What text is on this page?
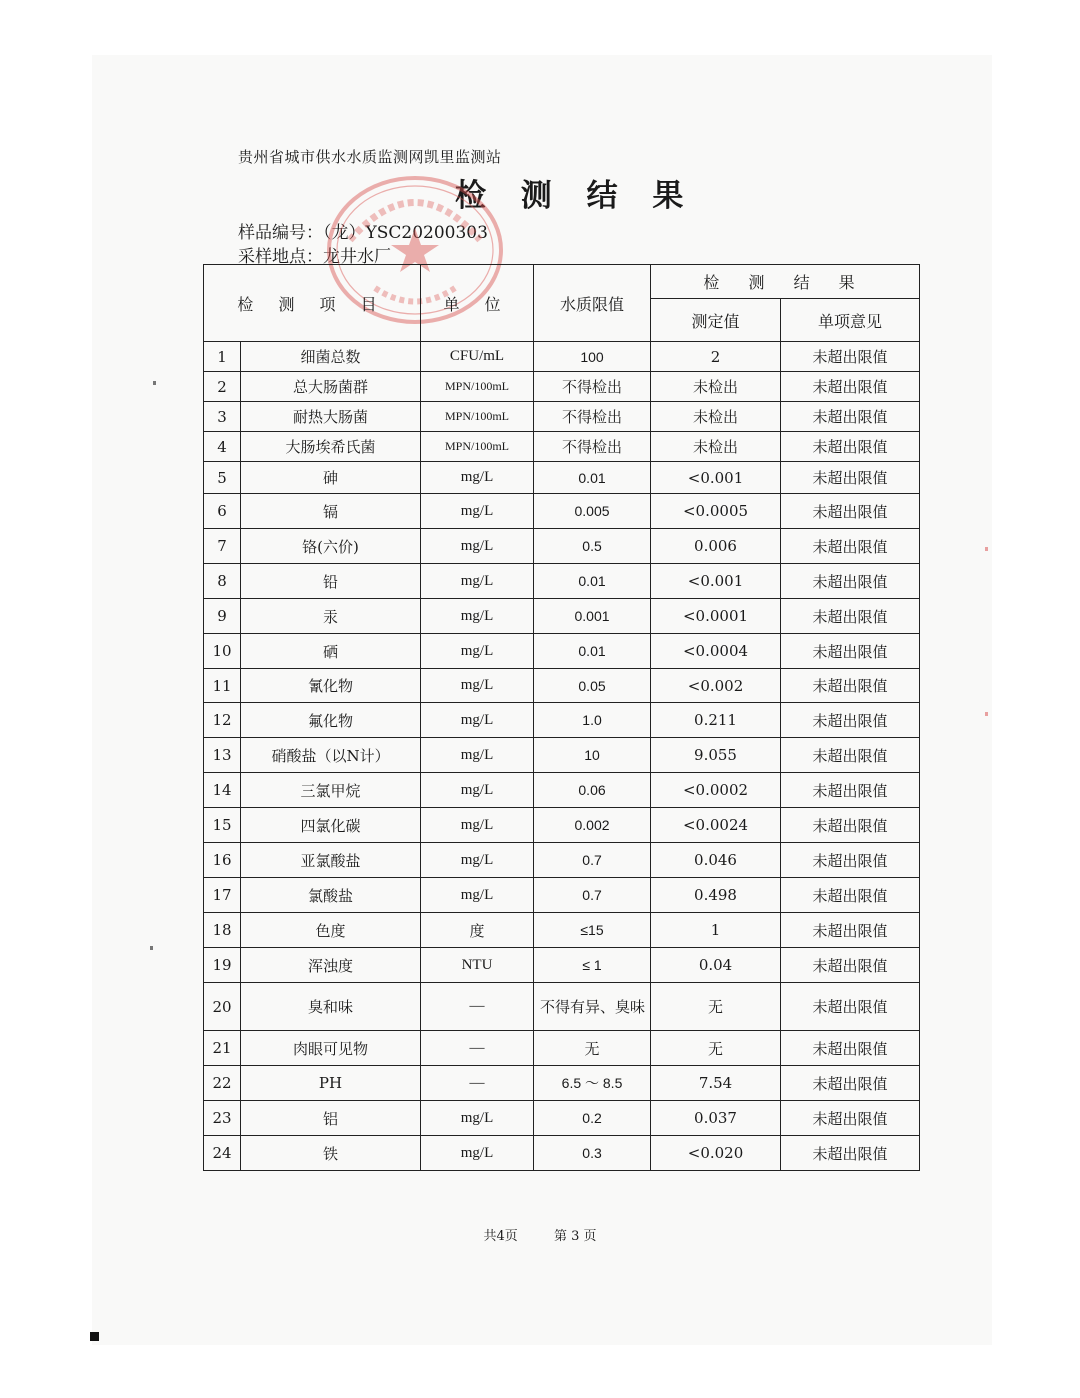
贵州省城市供水水质监测网凯里监测站
检 测 结 果
样品编号：（龙）YSC20200303
采样地点：龙井水厂
检 测 项 目		单 位	水质限值	检 测 结 果	
				测定值	单项意见
1	细菌总数	CFU/mL	100	2	未超出限值
2	总大肠菌群	MPN/100mL	不得检出	未检出	未超出限值
3	耐热大肠菌	MPN/100mL	不得检出	未检出	未超出限值
4	大肠埃希氏菌	MPN/100mL	不得检出	未检出	未超出限值
5	砷	mg/L	0.01	<0.001	未超出限值
6	镉	mg/L	0.005	<0.0005	未超出限值
7	铬(六价)	mg/L	0.5	0.006	未超出限值
8	铅	mg/L	0.01	<0.001	未超出限值
9	汞	mg/L	0.001	<0.0001	未超出限值
10	硒	mg/L	0.01	<0.0004	未超出限值
11	氰化物	mg/L	0.05	<0.002	未超出限值
12	氟化物	mg/L	1.0	0.211	未超出限值
13	硝酸盐（以N计）	mg/L	10	9.055	未超出限值
14	三氯甲烷	mg/L	0.06	<0.0002	未超出限值
15	四氯化碳	mg/L	0.002	<0.0024	未超出限值
16	亚氯酸盐	mg/L	0.7	0.046	未超出限值
17	氯酸盐	mg/L	0.7	0.498	未超出限值
18	色度	度	≤15	1	未超出限值
19	浑浊度	NTU	≤ 1	0.04	未超出限值
20	臭和味	—	不得有异、臭味	无	未超出限值
21	肉眼可见物	—	无	无	未超出限值
22	PH	—	6.5 ～ 8.5	7.54	未超出限值
23	铝	mg/L	0.2	0.037	未超出限值
24	铁	mg/L	0.3	<0.020	未超出限值
共4页	第 3 页
